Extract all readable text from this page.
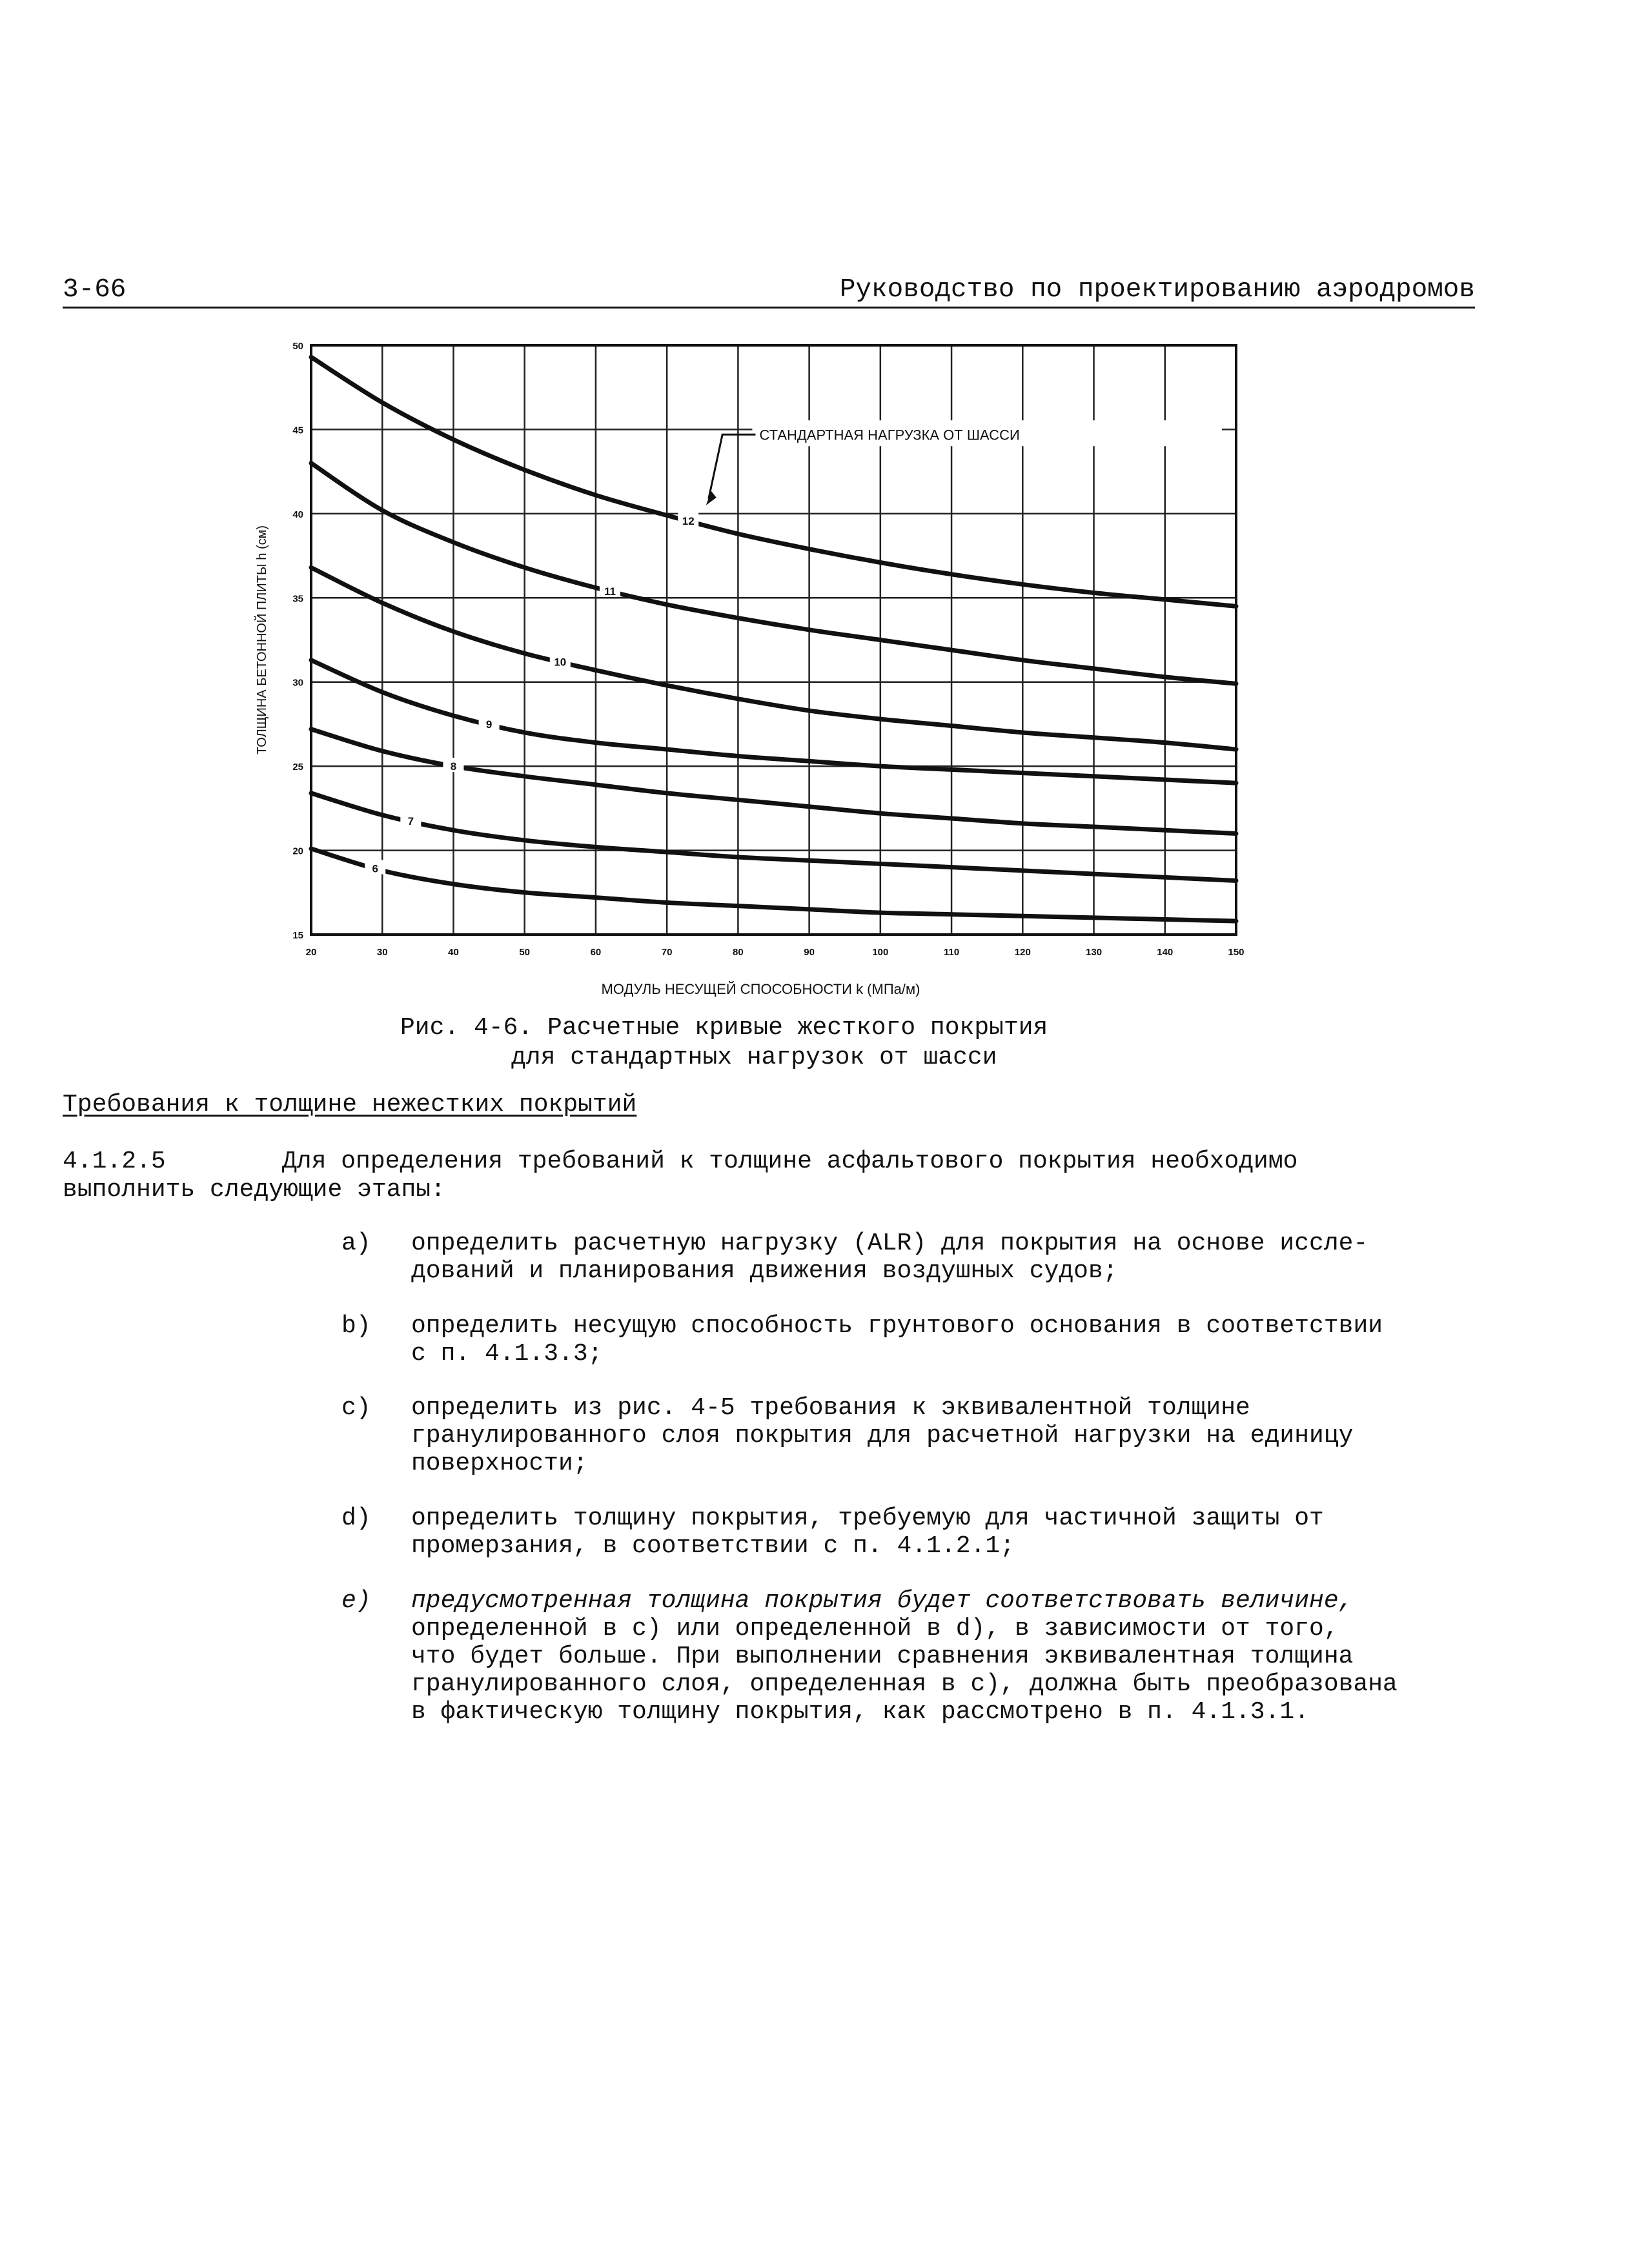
3-66	Руководство по проектированию аэродромов
20	30	40	50	60	70	80	90	100	110	120	130	140	150
15
20
25
30
35
40
45
50
МОДУЛЬ НЕСУЩЕЙ СПОСОБНОСТИ k (МПа/м)
ТОЛЩИНА БЕТОННОЙ ПЛИТЫ h (см)
12
11
10
9
8
7
6
СТАНДАРТНАЯ НАГРУЗКА ОТ ШАССИ
Рис. 4-6. Расчетные кривые жесткого покрытия
для стандартных нагрузок от шасси
Требования к толщине нежестких покрытий
4.1.2.5	Для определения требований к толщине асфальтового покрытия необходимо
выполнить следующие этапы:
a) определить расчетную нагрузку (ALR) для покрытия на основе иссле-
дований и планирования движения воздушных судов;
b) определить несущую способность грунтового основания в соответствии
с п. 4.1.3.3;
c) определить из рис. 4-5 требования к эквивалентной толщине
гранулированного слоя покрытия для расчетной нагрузки на единицу
поверхности;
d) определить толщину покрытия, требуемую для частичной защиты от
промерзания, в соответствии с п. 4.1.2.1;
e) предусмотренная толщина покрытия будет соответствовать величине,
определенной в c) или определенной в d), в зависимости от того,
что будет больше. При выполнении сравнения эквивалентная толщина
гранулированного слоя, определенная в c), должна быть преобразована
в фактическую толщину покрытия, как рассмотрено в п. 4.1.3.1.
